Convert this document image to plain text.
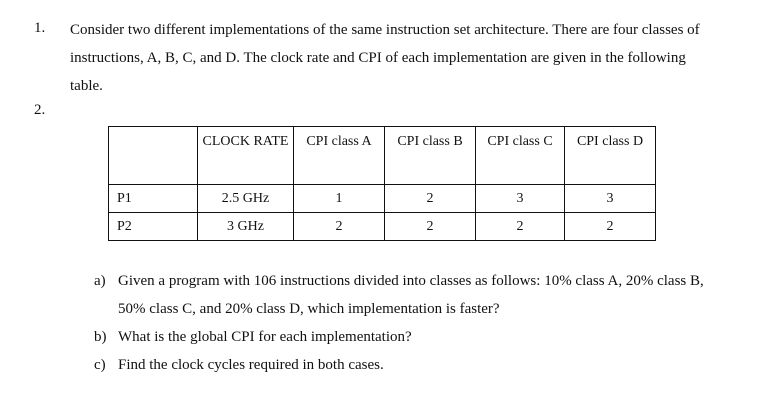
1. Consider two different implementations of the same instruction set architecture. There are four classes of instructions, A, B, C, and D. The clock rate and CPI of each implementation are given in the following table.
2.
	CLOCK RATE	CPI class A	CPI class B	CPI class C	CPI class D
P1	2.5 GHz	1	2	3	3
P2	3 GHz	2	2	2	2
a) Given a program with 106 instructions divided into classes as follows: 10% class A, 20% class B, 50% class C, and 20% class D, which implementation is faster?
b) What is the global CPI for each implementation?
c) Find the clock cycles required in both cases.
